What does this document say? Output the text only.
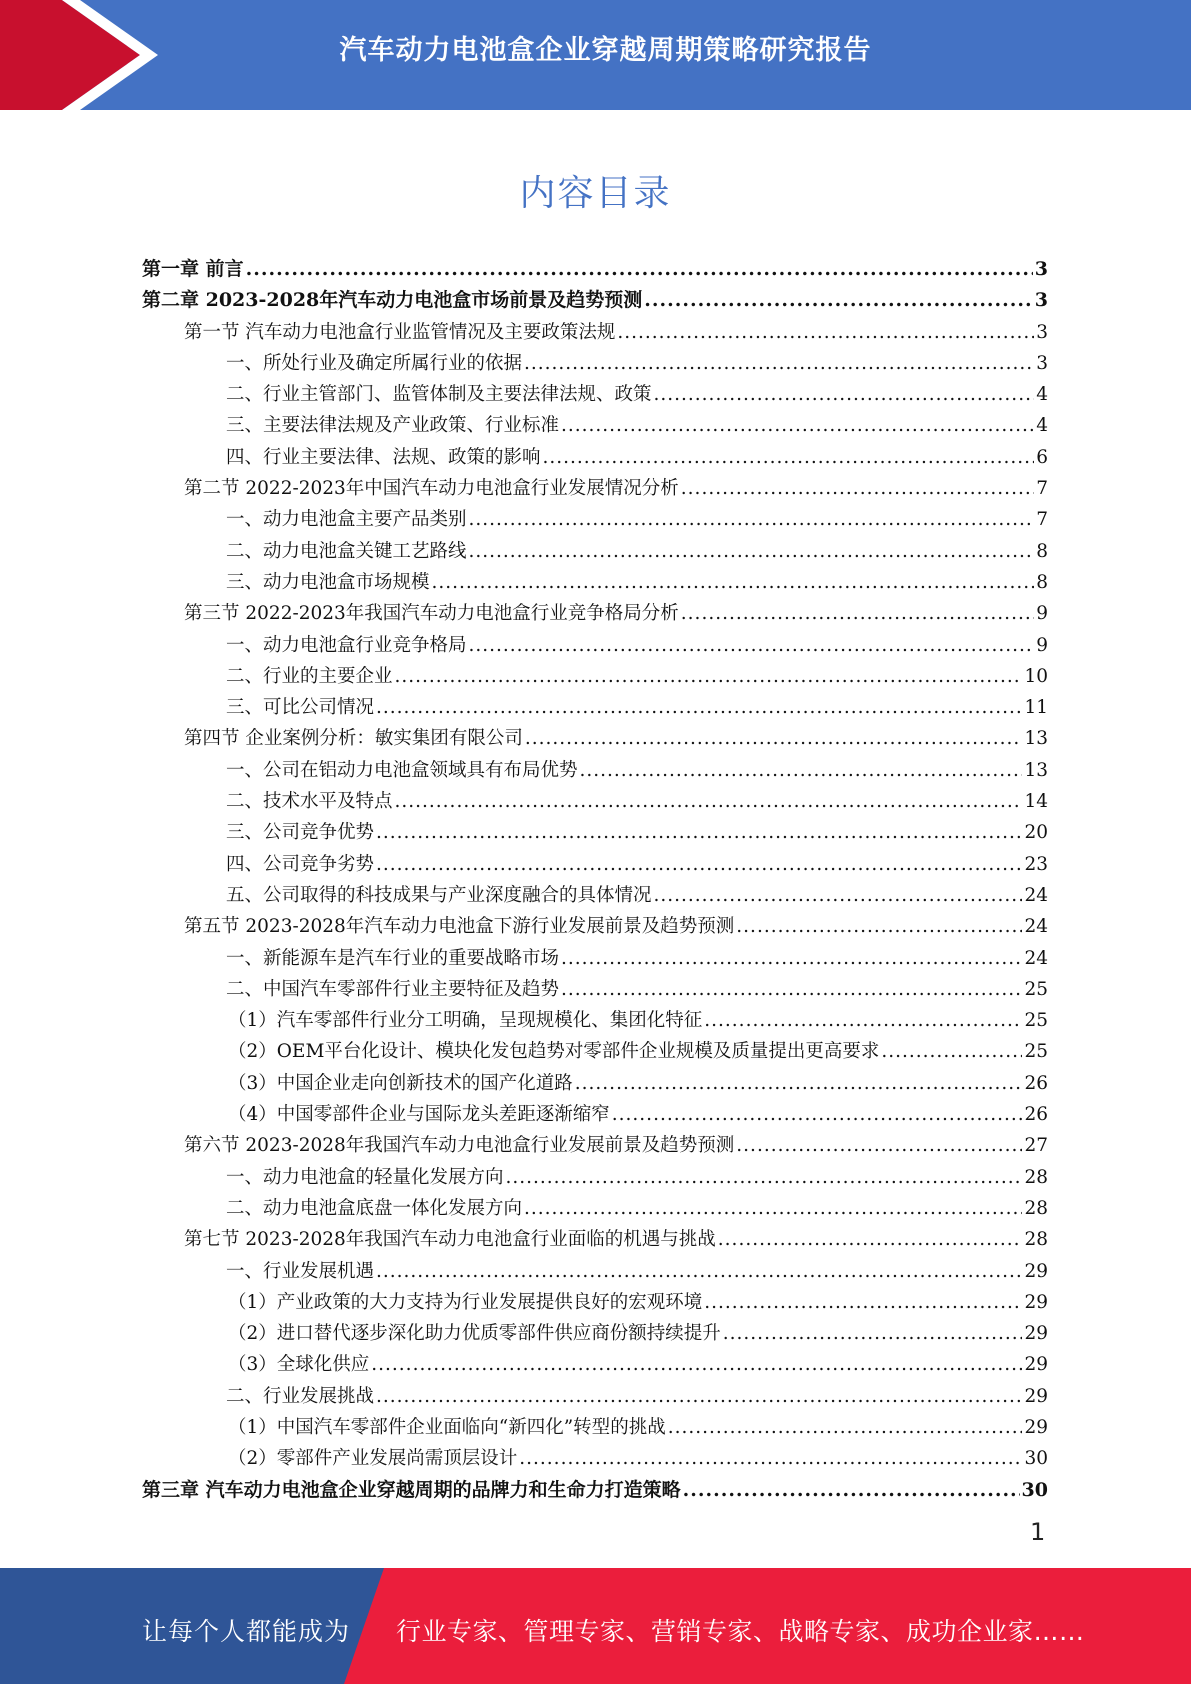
汽车动力电池盒企业穿越周期策略研究报告
内容目录
第一章 前言 .....	3
第二章 2023-2028年汽车动力电池盒市场前景及趋势预测 .....	3
第一节 汽车动力电池盒行业监管情况及主要政策法规 .....	3
一、所处行业及确定所属行业的依据 .....	3
二、行业主管部门、监管体制及主要法律法规、政策 .....	4
三、主要法律法规及产业政策、行业标准 .....	4
四、行业主要法律、法规、政策的影响 .....	6
第二节 2022-2023年中国汽车动力电池盒行业发展情况分析 .....	7
一、动力电池盒主要产品类别 .....	7
二、动力电池盒关键工艺路线 .....	8
三、动力电池盒市场规模 .....	8
第三节 2022-2023年我国汽车动力电池盒行业竞争格局分析 .....	9
一、动力电池盒行业竞争格局 .....	9
二、行业的主要企业 .....	10
三、可比公司情况 .....	11
第四节 企业案例分析：敏实集团有限公司 .....	13
一、公司在铝动力电池盒领域具有布局优势 .....	13
二、技术水平及特点 .....	14
三、公司竞争优势 .....	20
四、公司竞争劣势 .....	23
五、公司取得的科技成果与产业深度融合的具体情况 .....	24
第五节 2023-2028年汽车动力电池盒下游行业发展前景及趋势预测 .....	24
一、新能源车是汽车行业的重要战略市场 .....	24
二、中国汽车零部件行业主要特征及趋势 .....	25
（1）汽车零部件行业分工明确，呈现规模化、集团化特征 .....	25
（2）OEM平台化设计、模块化发包趋势对零部件企业规模及质量提出更高要求 .....	25
（3）中国企业走向创新技术的国产化道路 .....	26
（4）中国零部件企业与国际龙头差距逐渐缩窄 .....	26
第六节 2023-2028年我国汽车动力电池盒行业发展前景及趋势预测 .....	27
一、动力电池盒的轻量化发展方向 .....	28
二、动力电池盒底盘一体化发展方向 .....	28
第七节 2023-2028年我国汽车动力电池盒行业面临的机遇与挑战 .....	28
一、行业发展机遇 .....	29
（1）产业政策的大力支持为行业发展提供良好的宏观环境 .....	29
（2）进口替代逐步深化助力优质零部件供应商份额持续提升 .....	29
（3）全球化供应 .....	29
二、行业发展挑战 .....	29
（1）中国汽车零部件企业面临向“新四化”转型的挑战 .....	29
（2）零部件产业发展尚需顶层设计 .....	30
第三章 汽车动力电池盒企业穿越周期的品牌力和生命力打造策略 .....	30
1
让每个人都能成为 行业专家、管理专家、营销专家、战略专家、成功企业家……
